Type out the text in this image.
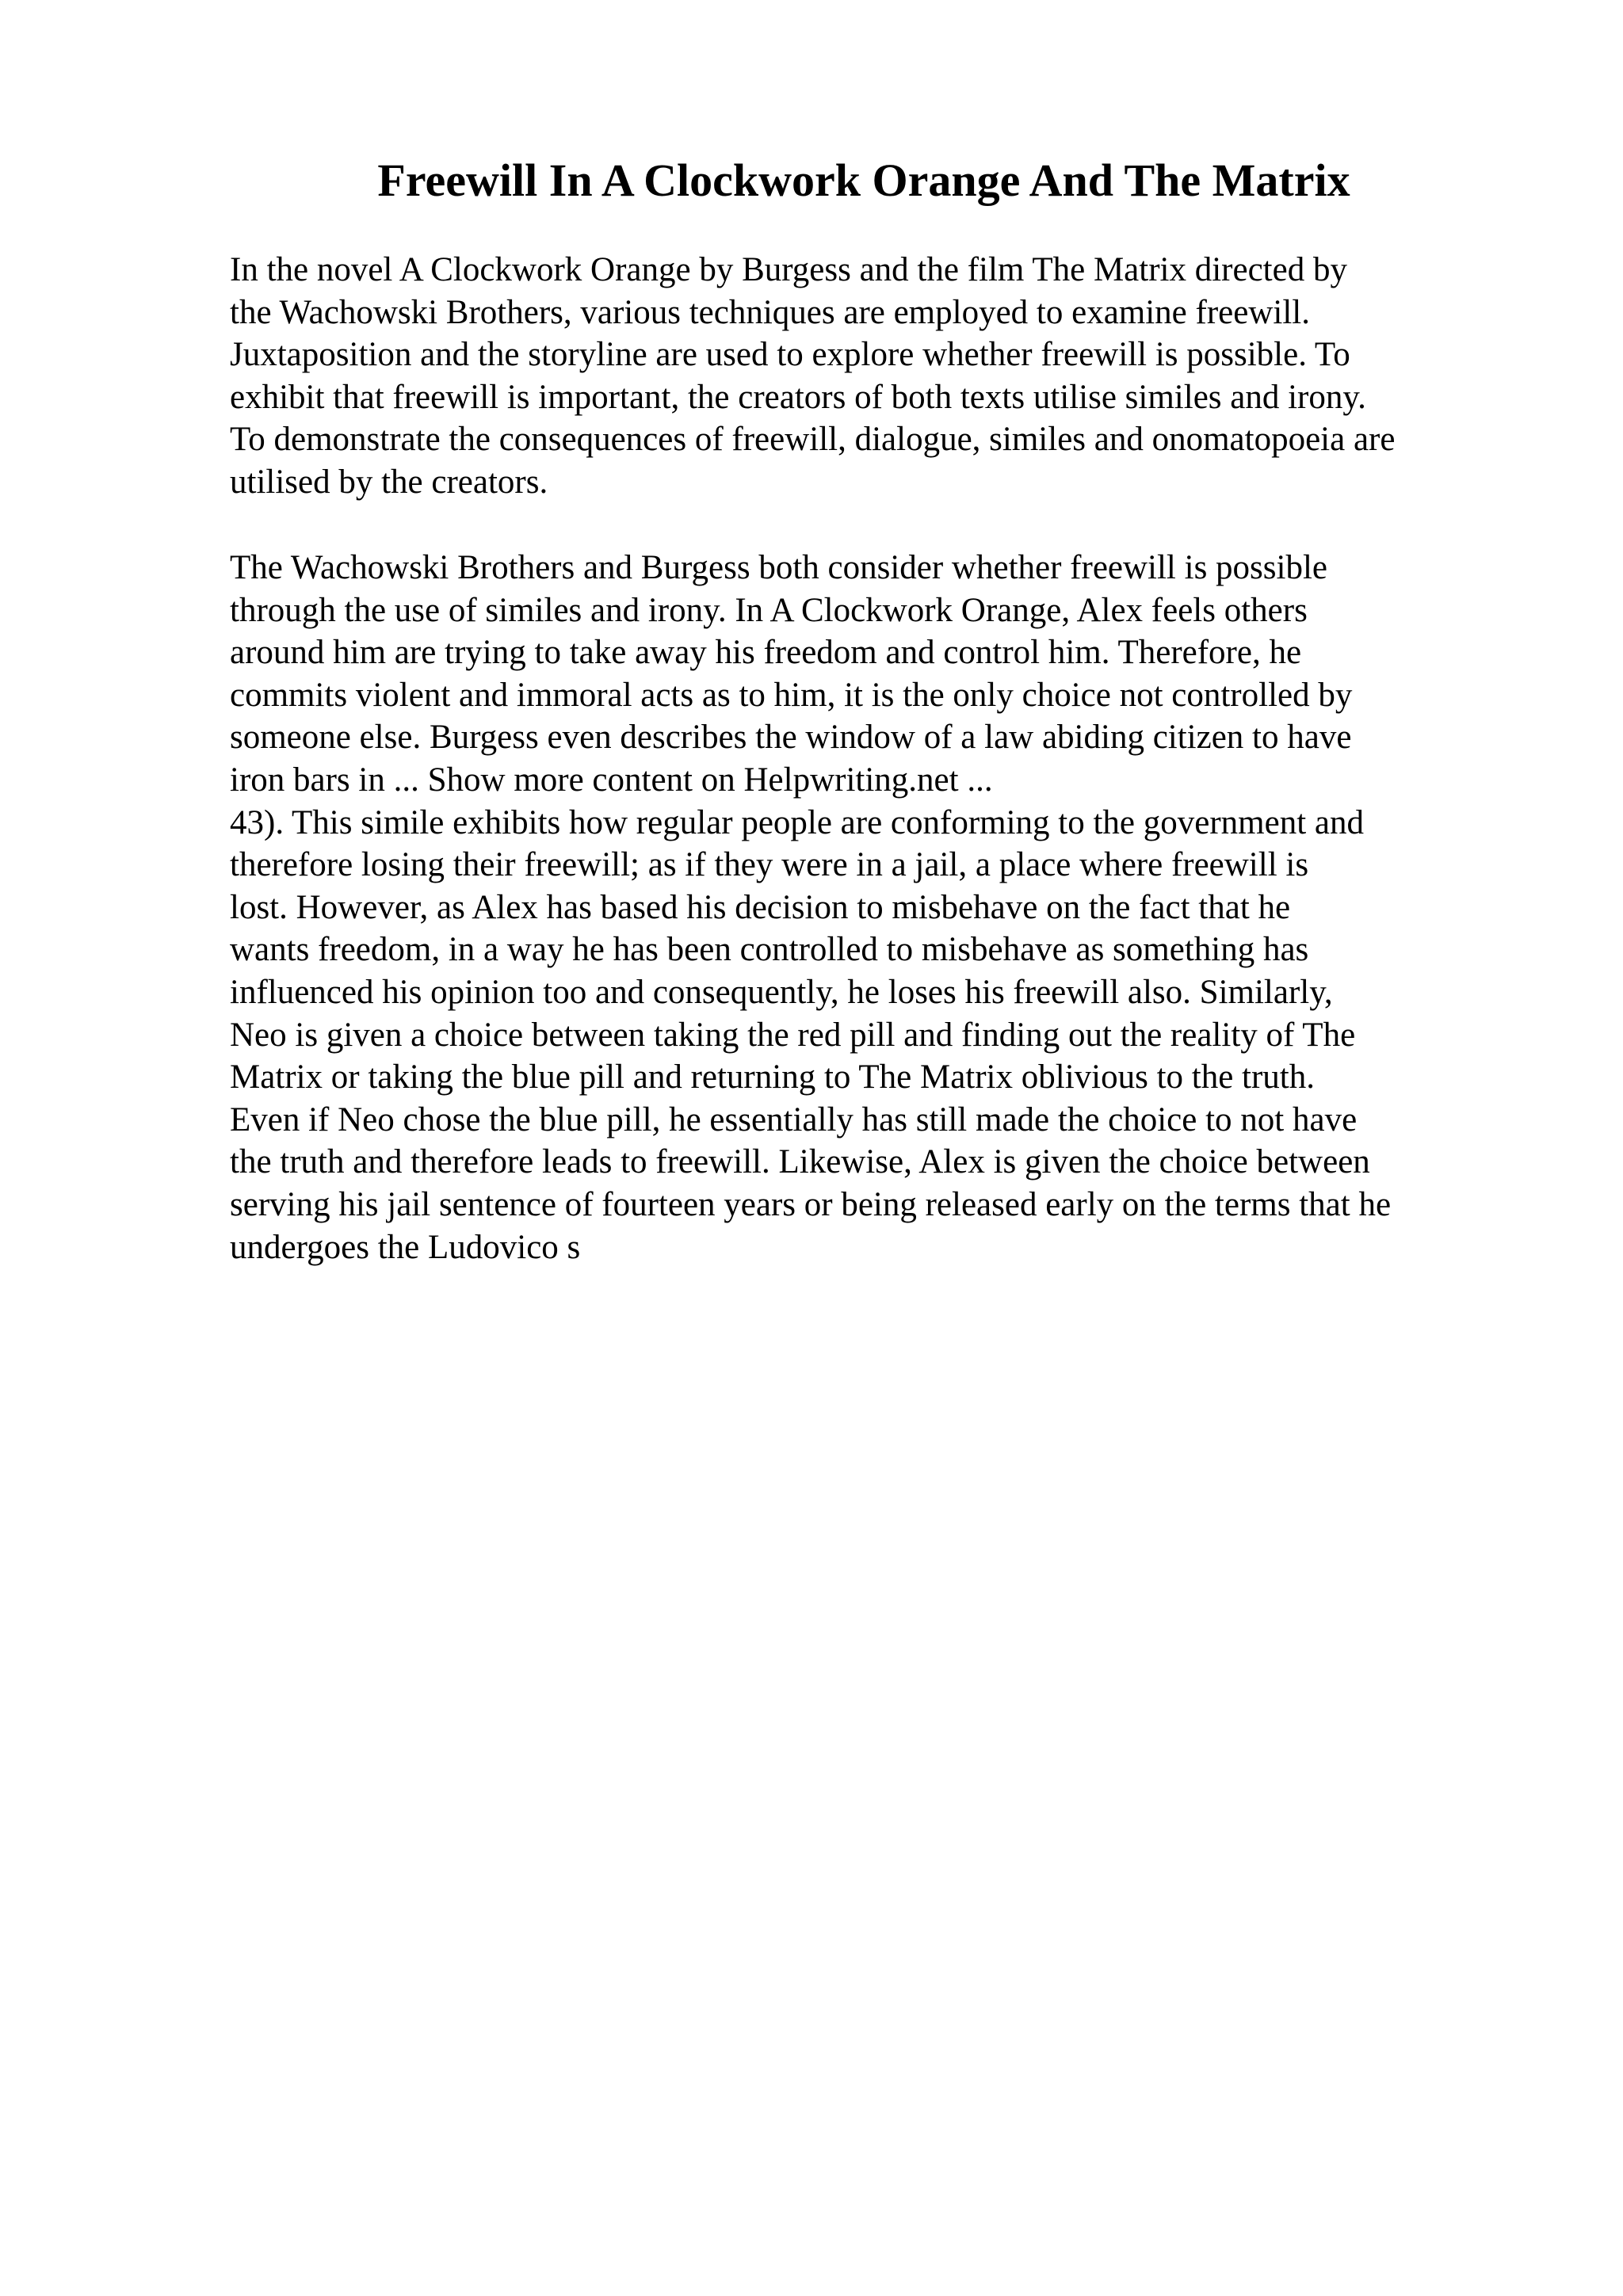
Freewill In A Clockwork Orange And The Matrix

In the novel A Clockwork Orange by Burgess and the film The Matrix directed by
the Wachowski Brothers, various techniques are employed to examine freewill.
Juxtaposition and the storyline are used to explore whether freewill is possible. To
exhibit that freewill is important, the creators of both texts utilise similes and irony.
To demonstrate the consequences of freewill, dialogue, similes and onomatopoeia are
utilised by the creators.

The Wachowski Brothers and Burgess both consider whether freewill is possible
through the use of similes and irony. In A Clockwork Orange, Alex feels others
around him are trying to take away his freedom and control him. Therefore, he
commits violent and immoral acts as to him, it is the only choice not controlled by
someone else. Burgess even describes the window of a law abiding citizen to have
iron bars in ... Show more content on Helpwriting.net ...
43). This simile exhibits how regular people are conforming to the government and
therefore losing their freewill; as if they were in a jail, a place where freewill is
lost. However, as Alex has based his decision to misbehave on the fact that he
wants freedom, in a way he has been controlled to misbehave as something has
influenced his opinion too and consequently, he loses his freewill also. Similarly,
Neo is given a choice between taking the red pill and finding out the reality of The
Matrix or taking the blue pill and returning to The Matrix oblivious to the truth.
Even if Neo chose the blue pill, he essentially has still made the choice to not have
the truth and therefore leads to freewill. Likewise, Alex is given the choice between
serving his jail sentence of fourteen years or being released early on the terms that he
undergoes the Ludovico s
